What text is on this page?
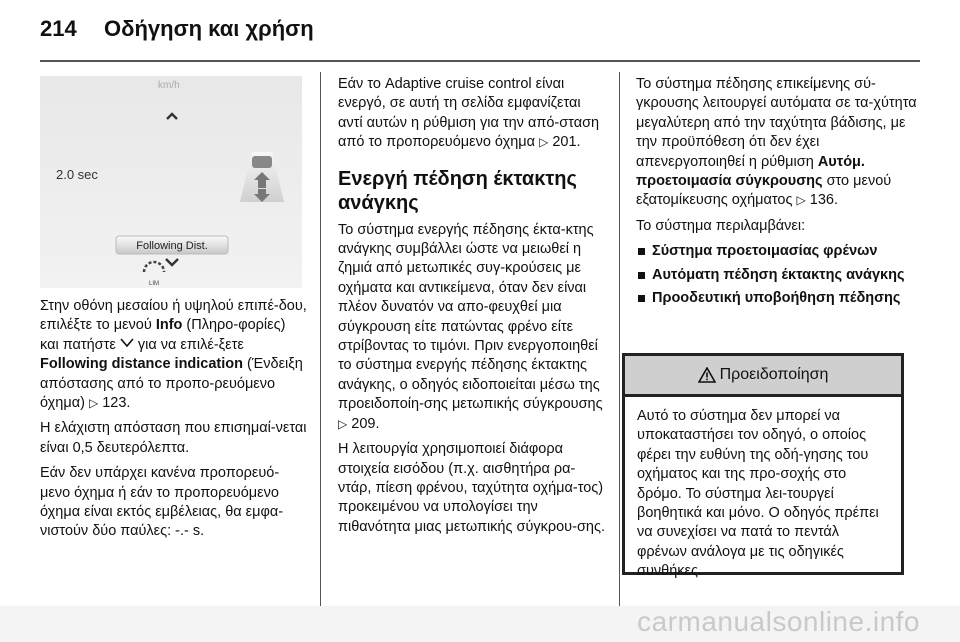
214 Οδήγηση και χρήση
km/h
2.0 sec
Following Dist.
LIM

Στην οθόνη μεσαίου ή υψηλού επιπέ-δου, επιλέξτε το μενού Info (Πληρο-φορίες) και πατήστε  για να επιλέ-ξετε Following distance indication (Ένδειξη απόστασης από το προπο-ρευόμενο όχημα) ▷ 123.

Η ελάχιστη απόσταση που επισημαί-νεται είναι 0,5 δευτερόλεπτα.

Εάν δεν υπάρχει κανένα προπορευό-μενο όχημα ή εάν το προπορευόμενο όχημα είναι εκτός εμβέλειας, θα εμφα-νιστούν δύο παύλες: -.- s.

Εάν το Adaptive cruise control είναι ενεργό, σε αυτή τη σελίδα εμφανίζεται αντί αυτών η ρύθμιση για την από-σταση από το προπορευόμενο όχημα ▷ 201.

Ενεργή πέδηση έκτακτης ανάγκης

Το σύστημα ενεργής πέδησης έκτα-κτης ανάγκης συμβάλλει ώστε να μειωθεί η ζημιά από μετωπικές συγ-κρούσεις με οχήματα και αντικείμενα, όταν δεν είναι πλέον δυνατόν να απο-φευχθεί μια σύγκρουση είτε πατώντας φρένο είτε στρίβοντας το τιμόνι. Πριν ενεργοποιηθεί το σύστημα ενεργής πέδησης έκτακτης ανάγκης, ο οδηγός ειδοποιείται μέσω της προειδοποίη-σης μετωπικής σύγκρουσης ▷ 209.

Η λειτουργία χρησιμοποιεί διάφορα στοιχεία εισόδου (π.χ. αισθητήρα ρα-ντάρ, πίεση φρένου, ταχύτητα οχήμα-τος) προκειμένου να υπολογίσει την πιθανότητα μιας μετωπικής σύγκρου-σης.

Το σύστημα πέδησης επικείμενης σύ-γκρουσης λειτουργεί αυτόματα σε τα-χύτητα μεγαλύτερη από την ταχύτητα βάδισης, με την προϋπόθεση ότι δεν έχει απενεργοποιηθεί η ρύθμιση Αυτόμ. προετοιμασία σύγκρουσης στο μενού εξατομίκευσης οχήματος ▷ 136.

Το σύστημα περιλαμβάνει:

Σύστημα προετοιμασίας φρένων
Αυτόματη πέδηση έκτακτης ανάγκης
Προοδευτική υποβοήθηση πέδησης
Προειδοποίηση
Αυτό το σύστημα δεν μπορεί να υποκαταστήσει τον οδηγό, ο οποίος φέρει την ευθύνη της οδή-γησης του οχήματος και της προ-σοχής στο δρόμο. Το σύστημα λει-τουργεί βοηθητικά και μόνο. Ο οδηγός πρέπει να συνεχίσει να πατά το πεντάλ φρένων ανάλογα με τις οδηγικές συνθήκες.
carmanualsonline.info
